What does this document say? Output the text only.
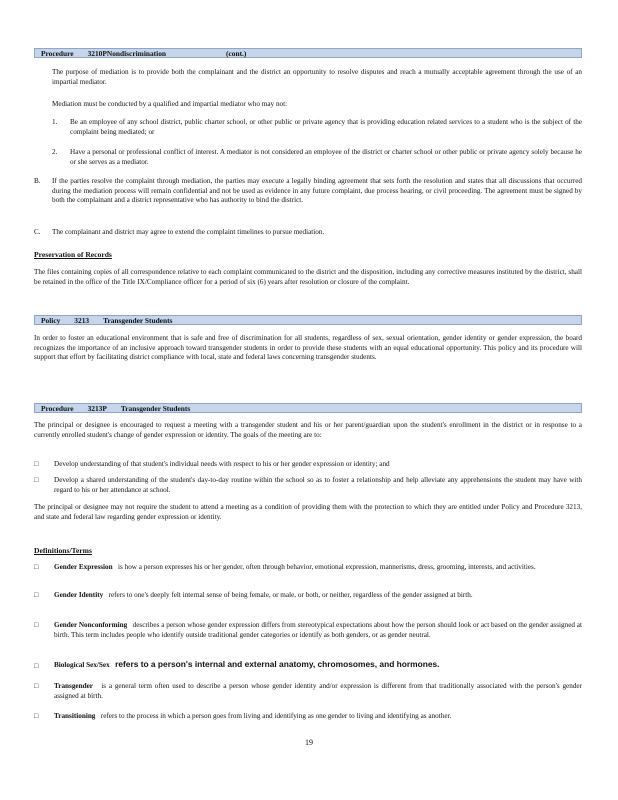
Procedure 3210PNondiscrimination	(cont.)
The purpose of mediation is to provide both the complainant and the district an opportunity to resolve disputes and reach a mutually acceptable agreement through the use of an impartial mediator.
Mediation must be conducted by a qualified and impartial mediator who may not:
1. Be an employee of any school district, public charter school, or other public or private agency that is providing education related services to a student who is the subject of the complaint being mediated; or
2. Have a personal or professional conflict of interest. A mediator is not considered an employee of the district or charter school or other public or private agency solely because he or she serves as a mediator.
B. If the parties resolve the complaint through mediation, the parties may execute a legally binding agreement that sets forth the resolution and states that all discussions that occurred during the mediation process will remain confidential and not be used as evidence in any future complaint, due process hearing, or civil proceeding. The agreement must be signed by both the complainant and a district representative who has authority to bind the district.
C. The complainant and district may agree to extend the complaint timelines to pursue mediation.
Preservation of Records
The files containing copies of all correspondence relative to each complaint communicated to the district and the disposition, including any corrective measures instituted by the district, shall be retained in the office of the Title IX/Compliance officer for a period of six (6) years after resolution or closure of the complaint.
Policy 3213 Transgender Students
In order to foster an educational environment that is safe and free of discrimination for all students, regardless of sex, sexual orientation, gender identity or gender expression, the board recognizes the importance of an inclusive approach toward transgender students in order to provide these students with an equal educational opportunity. This policy and its procedure will support that effort by facilitating district compliance with local, state and federal laws concerning transgender students.
Procedure 3213P Transgender Students
The principal or designee is encouraged to request a meeting with a transgender student and his or her parent/guardian upon the student's enrollment in the district or in response to a currently enrolled student's change of gender expression or identity. The goals of the meeting are to:
□ Develop understanding of that student's individual needs with respect to his or her gender expression or identity; and
□ Develop a shared understanding of the student's day-to-day routine within the school so as to foster a relationship and help alleviate any apprehensions the student may have with regard to his or her attendance at school.
The principal or designee may not require the student to attend a meeting as a condition of providing them with the protection to which they are entitled under Policy and Procedure 3213, and state and federal law regarding gender expression or identity.
Definitions/Terms
□ Gender Expression is how a person expresses his or her gender, often through behavior, emotional expression, mannerisms, dress, grooming, interests, and activities.
□ Gender Identity refers to one's deeply felt internal sense of being female, or male, or both, or neither, regardless of the gender assigned at birth.
□ Gender Nonconforming describes a person whose gender expression differs from stereotypical expectations about how the person should look or act based on the gender assigned at birth. This term includes people who identify outside traditional gender categories or identify as both genders, or as gender neutral.
□ Biological Sex/Sex refers to a person's internal and external anatomy, chromosomes, and hormones.
□ Transgender is a general term often used to describe a person whose gender identity and/or expression is different from that traditionally associated with the person's gender assigned at birth.
□ Transitioning refers to the process in which a person goes from living and identifying as one gender to living and identifying as another.
19
